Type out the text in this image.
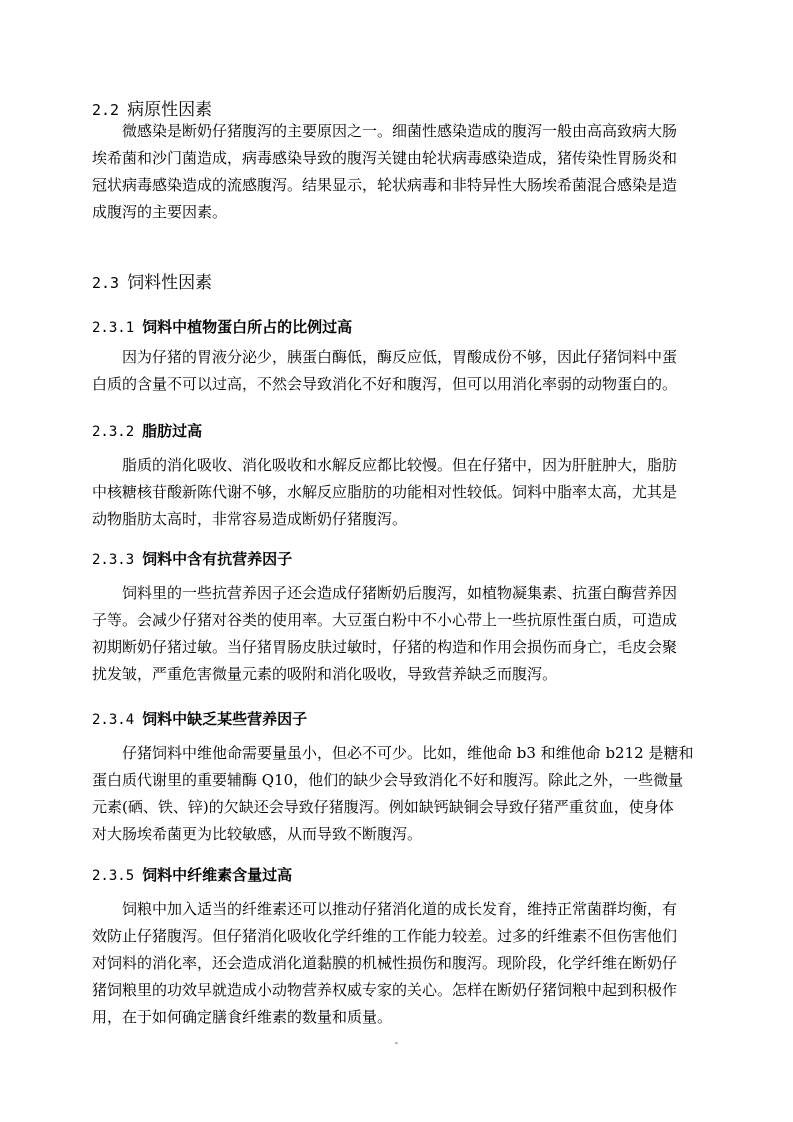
2.2 病原性因素
微感染是断奶仔猪腹泻的主要原因之一。细菌性感染造成的腹泻一般由高高致病大肠
埃希菌和沙门菌造成，病毒感染导致的腹泻关键由轮状病毒感染造成，猪传染性胃肠炎和
冠状病毒感染造成的流感腹泻。结果显示，轮状病毒和非特异性大肠埃希菌混合感染是造
成腹泻的主要因素。
2.3 饲料性因素
2.3.1 饲料中植物蛋白所占的比例过高
因为仔猪的胃液分泌少，胰蛋白酶低，酶反应低，胃酸成份不够，因此仔猪饲料中蛋
白质的含量不可以过高，不然会导致消化不好和腹泻，但可以用消化率弱的动物蛋白的。
2.3.2 脂肪过高
脂质的消化吸收、消化吸收和水解反应都比较慢。但在仔猪中，因为肝脏肿大，脂肪
中核糖核苷酸新陈代谢不够，水解反应脂肪的功能相对性较低。饲料中脂率太高，尤其是
动物脂肪太高时，非常容易造成断奶仔猪腹泻。
2.3.3 饲料中含有抗营养因子
饲料里的一些抗营养因子还会造成仔猪断奶后腹泻，如植物凝集素、抗蛋白酶营养因
子等。会减少仔猪对谷类的使用率。大豆蛋白粉中不小心带上一些抗原性蛋白质，可造成
初期断奶仔猪过敏。当仔猪胃肠皮肤过敏时，仔猪的构造和作用会损伤而身亡，毛皮会聚
扰发皱，严重危害微量元素的吸附和消化吸收，导致营养缺乏而腹泻。
2.3.4 饲料中缺乏某些营养因子
仔猪饲料中维他命需要量虽小，但必不可少。比如，维他命 b3 和维他命 b212 是糖和
蛋白质代谢里的重要辅酶 Q10，他们的缺少会导致消化不好和腹泻。除此之外，一些微量
元素(硒、铁、锌)的欠缺还会导致仔猪腹泻。例如缺钙缺铜会导致仔猪严重贫血，使身体
对大肠埃希菌更为比较敏感，从而导致不断腹泻。
2.3.5 饲料中纤维素含量过高
饲粮中加入适当的纤维素还可以推动仔猪消化道的成长发育，维持正常菌群均衡，有
效防止仔猪腹泻。但仔猪消化吸收化学纤维的工作能力较差。过多的纤维素不但伤害他们
对饲料的消化率，还会造成消化道黏膜的机械性损伤和腹泻。现阶段，化学纤维在断奶仔
猪饲粮里的功效早就造成小动物营养权威专家的关心。怎样在断奶仔猪饲粮中起到积极作
用，在于如何确定膳食纤维素的数量和质量。
-
